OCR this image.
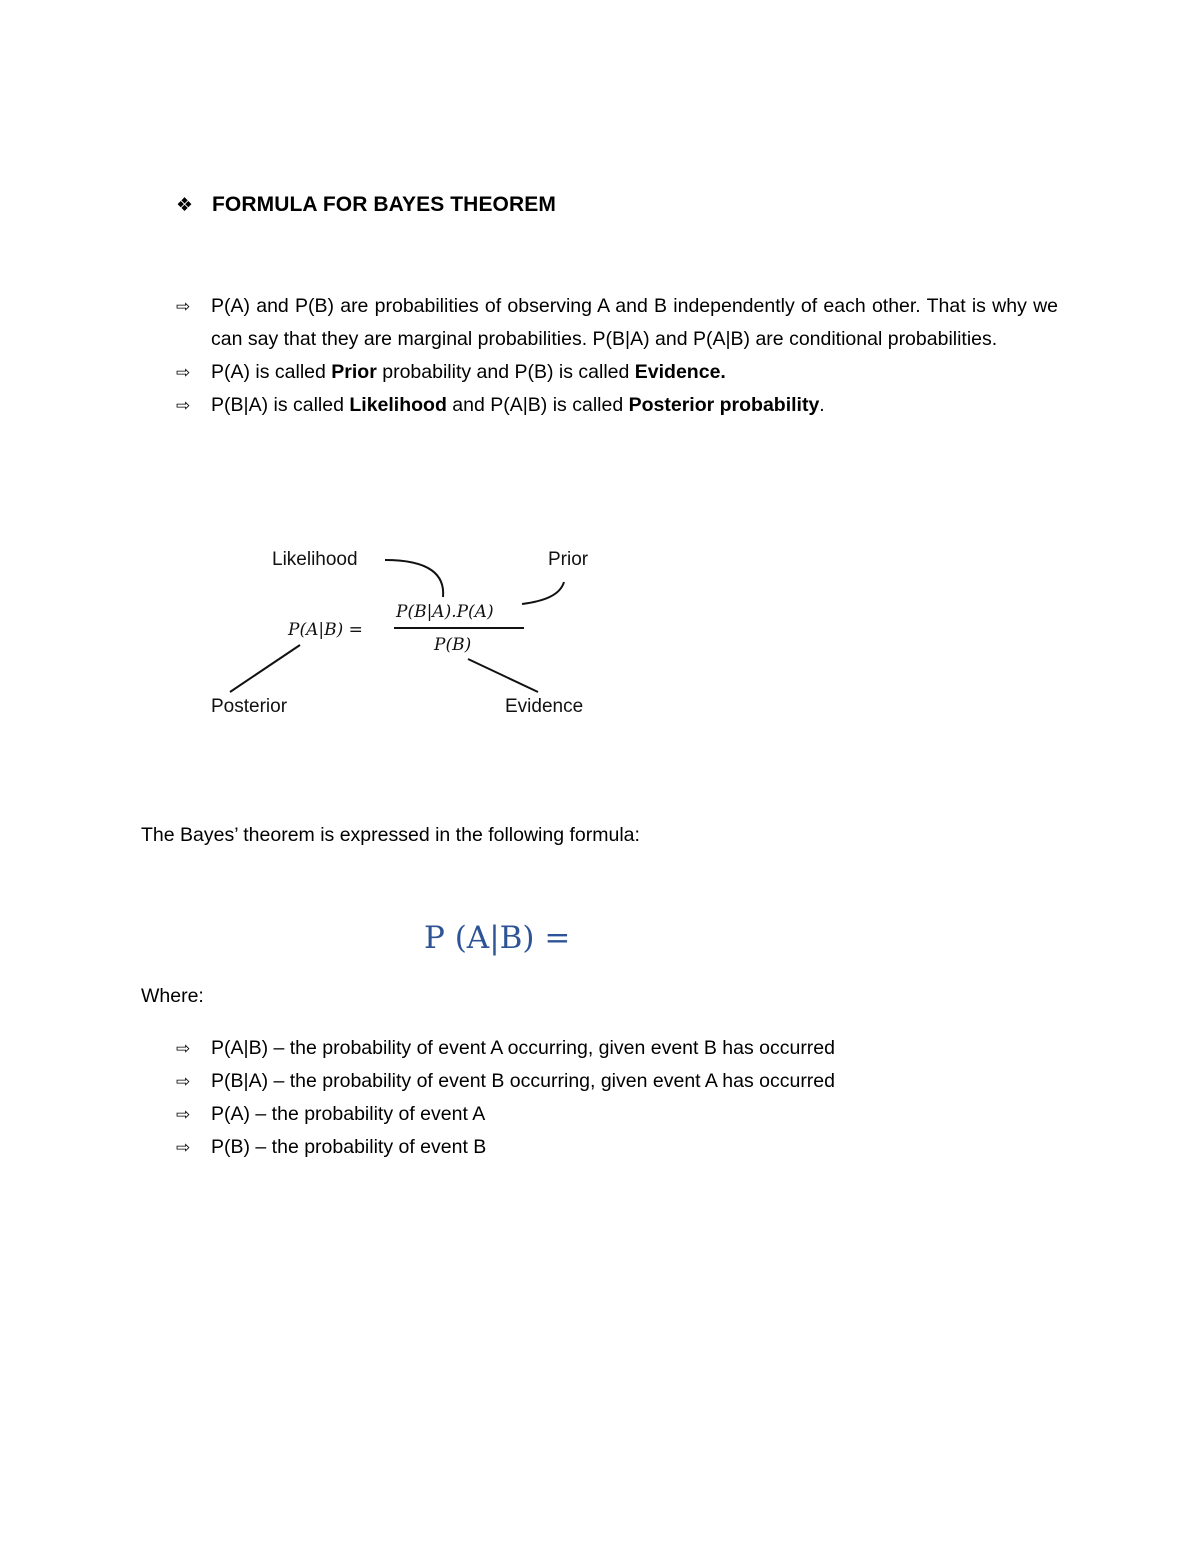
❖ FORMULA FOR BAYES THEOREM
⇨	P(A) and P(B) are probabilities of observing A and B independently of each other. That is why we can say that they are marginal probabilities. P(B|A) and P(A|B) are conditional probabilities.
⇨	P(A) is called Prior probability and P(B) is called Evidence.
⇨	P(B|A) is called Likelihood and P(A|B) is called Posterior probability.
Likelihood	Prior
Posterior	Evidence
P(A|B) =
P(B|A).P(A)
P(B)
The Bayes’ theorem is expressed in the following formula:
P (A|B) =
Where:
⇨	P(A|B) – the probability of event A occurring, given event B has occurred
⇨	P(B|A) – the probability of event B occurring, given event A has occurred
⇨	P(A) – the probability of event A
⇨	P(B) – the probability of event B
